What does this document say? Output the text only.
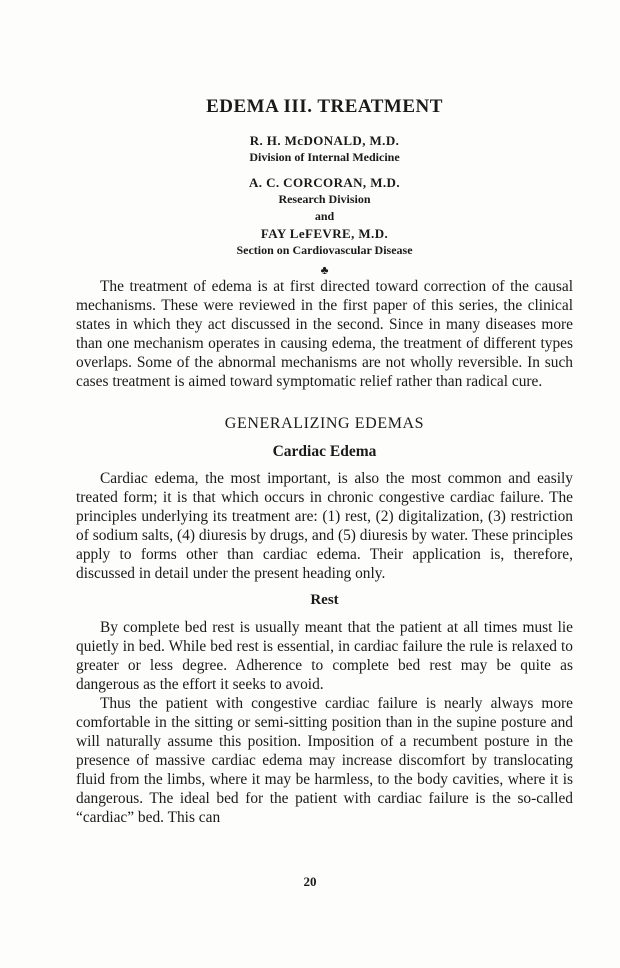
EDEMA III. TREATMENT
R. H. McDONALD, M.D.
Division of Internal Medicine
A. C. CORCORAN, M.D.
Research Division
and
FAY LeFEVRE, M.D.
Section on Cardiovascular Disease
♣

The treatment of edema is at first directed toward correction of the causal mechanisms. These were reviewed in the first paper of this series, the clinical states in which they act discussed in the second. Since in many diseases more than one mechanism operates in causing edema, the treatment of different types overlaps. Some of the abnormal mechanisms are not wholly reversible. In such cases treatment is aimed toward symptomatic relief rather than radical cure.

GENERALIZING EDEMAS
Cardiac Edema

Cardiac edema, the most important, is also the most common and easily treated form; it is that which occurs in chronic congestive cardiac failure. The principles underlying its treatment are: (1) rest, (2) digitalization, (3) restriction of sodium salts, (4) diuresis by drugs, and (5) diuresis by water. These principles apply to forms other than cardiac edema. Their application is, therefore, discussed in detail under the present heading only.

Rest

By complete bed rest is usually meant that the patient at all times must lie quietly in bed. While bed rest is essential, in cardiac failure the rule is relaxed to greater or less degree. Adherence to complete bed rest may be quite as dangerous as the effort it seeks to avoid.

Thus the patient with congestive cardiac failure is nearly always more comfortable in the sitting or semi-sitting position than in the supine posture and will naturally assume this position. Imposition of a recumbent posture in the presence of massive cardiac edema may increase discomfort by translocating fluid from the limbs, where it may be harmless, to the body cavities, where it is dangerous. The ideal bed for the patient with cardiac failure is the so-called “cardiac” bed. This can

20
